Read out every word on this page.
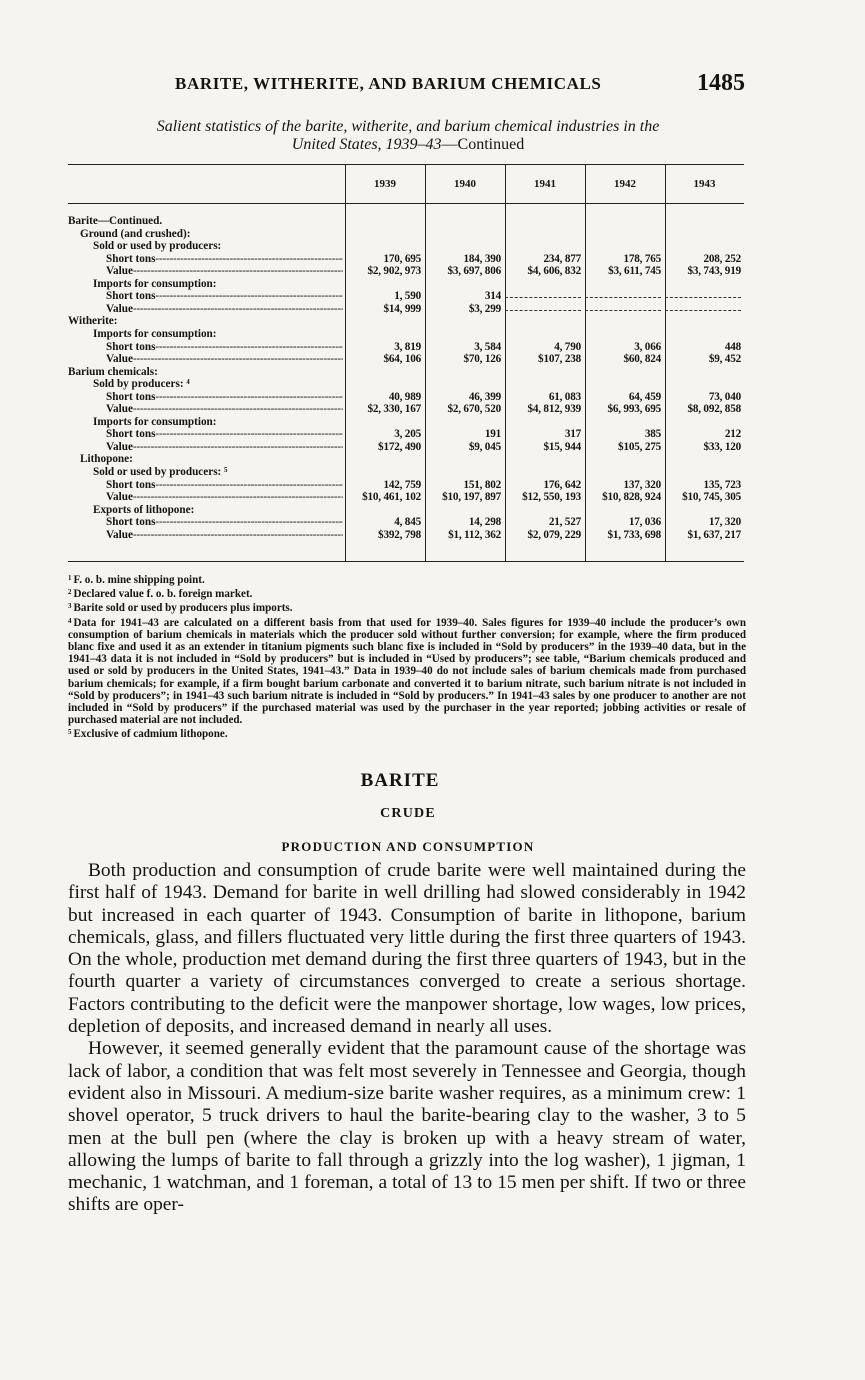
BARITE, WITHERITE, AND BARIUM CHEMICALS	1485
Salient statistics of the barite, witherite, and barium chemical industries in the
United States, 1939–43—Continued
1939	1940	1941	1942	1943
Barite—Continued.
Ground (and crushed):
Sold or used by producers:
Short tons -----	170, 695	184, 390	234, 877	178, 765	208, 252
Value -----	$2, 902, 973	$3, 697, 806	$4, 606, 832	$3, 611, 745	$3, 743, 919
Imports for consumption:
Short tons -----	1, 590	314
Value -----	$14, 999	$3, 299
Witherite:
Imports for consumption:
Short tons -----	3, 819	3, 584	4, 790	3, 066	448
Value -----	$64, 106	$70, 126	$107, 238	$60, 824	$9, 452
Barium chemicals:
Sold by producers: ⁴
Short tons -----	40, 989	46, 399	61, 083	64, 459	73, 040
Value -----	$2, 330, 167	$2, 670, 520	$4, 812, 939	$6, 993, 695	$8, 092, 858
Imports for consumption:
Short tons -----	3, 205	191	317	385	212
Value -----	$172, 490	$9, 045	$15, 944	$105, 275	$33, 120
Lithopone:
Sold or used by producers: ⁵
Short tons -----	142, 759	151, 802	176, 642	137, 320	135, 723
Value -----	$10, 461, 102	$10, 197, 897	$12, 550, 193	$10, 828, 924	$10, 745, 305
Exports of lithopone:
Short tons -----	4, 845	14, 298	21, 527	17, 036	17, 320
Value -----	$392, 798	$1, 112, 362	$2, 079, 229	$1, 733, 698	$1, 637, 217

$^1$ F. o. b. mine shipping point.

$^2$ Declared value f. o. b. foreign market.

$^3$ Barite sold or used by producers plus imports.

$^4$ Data for 1941–43 are calculated on a different basis from that used for 1939–40. Sales figures for 1939–40 include the producer’s own consumption of barium chemicals in materials which the producer sold without further conversion; for example, where the firm produced blanc fixe and used it as an extender in titanium pigments such blanc fixe is included in “Sold by producers” in the 1939–40 data, but in the 1941–43 data it is not included in “Sold by producers” but is included in “Used by producers”; see table, “Barium chemicals produced and used or sold by producers in the United States, 1941–43.” Data in 1939–40 do not include sales of barium chemicals made from purchased barium chemicals; for example, if a firm bought barium carbonate and converted it to barium nitrate, such barium nitrate is not included in “Sold by producers”; in 1941–43 such barium nitrate is included in “Sold by producers.” In 1941–43 sales by one producer to another are not included in “Sold by producers” if the purchased material was used by the purchaser in the year reported; jobbing activities or resale of purchased material are not included.

$^5$ Exclusive of cadmium lithopone.

BARITE
CRUDE
PRODUCTION AND CONSUMPTION

Both production and consumption of crude barite were well maintained during the first half of 1943. Demand for barite in well drilling had slowed considerably in 1942 but increased in each quarter of 1943. Consumption of barite in lithopone, barium chemicals, glass, and fillers fluctuated very little during the first three quarters of 1943. On the whole, production met demand during the first three quarters of 1943, but in the fourth quarter a variety of circumstances converged to create a serious shortage. Factors contributing to the deficit were the manpower shortage, low wages, low prices, depletion of deposits, and increased demand in nearly all uses.

However, it seemed generally evident that the paramount cause of the shortage was lack of labor, a condition that was felt most severely in Tennessee and Georgia, though evident also in Missouri. A medium-size barite washer requires, as a minimum crew: 1 shovel operator, 5 truck drivers to haul the barite-bearing clay to the washer, 3 to 5 men at the bull pen (where the clay is broken up with a heavy stream of water, allowing the lumps of barite to fall through a grizzly into the log washer), 1 jigman, 1 mechanic, 1 watchman, and 1 foreman, a total of 13 to 15 men per shift. If two or three shifts are oper-
